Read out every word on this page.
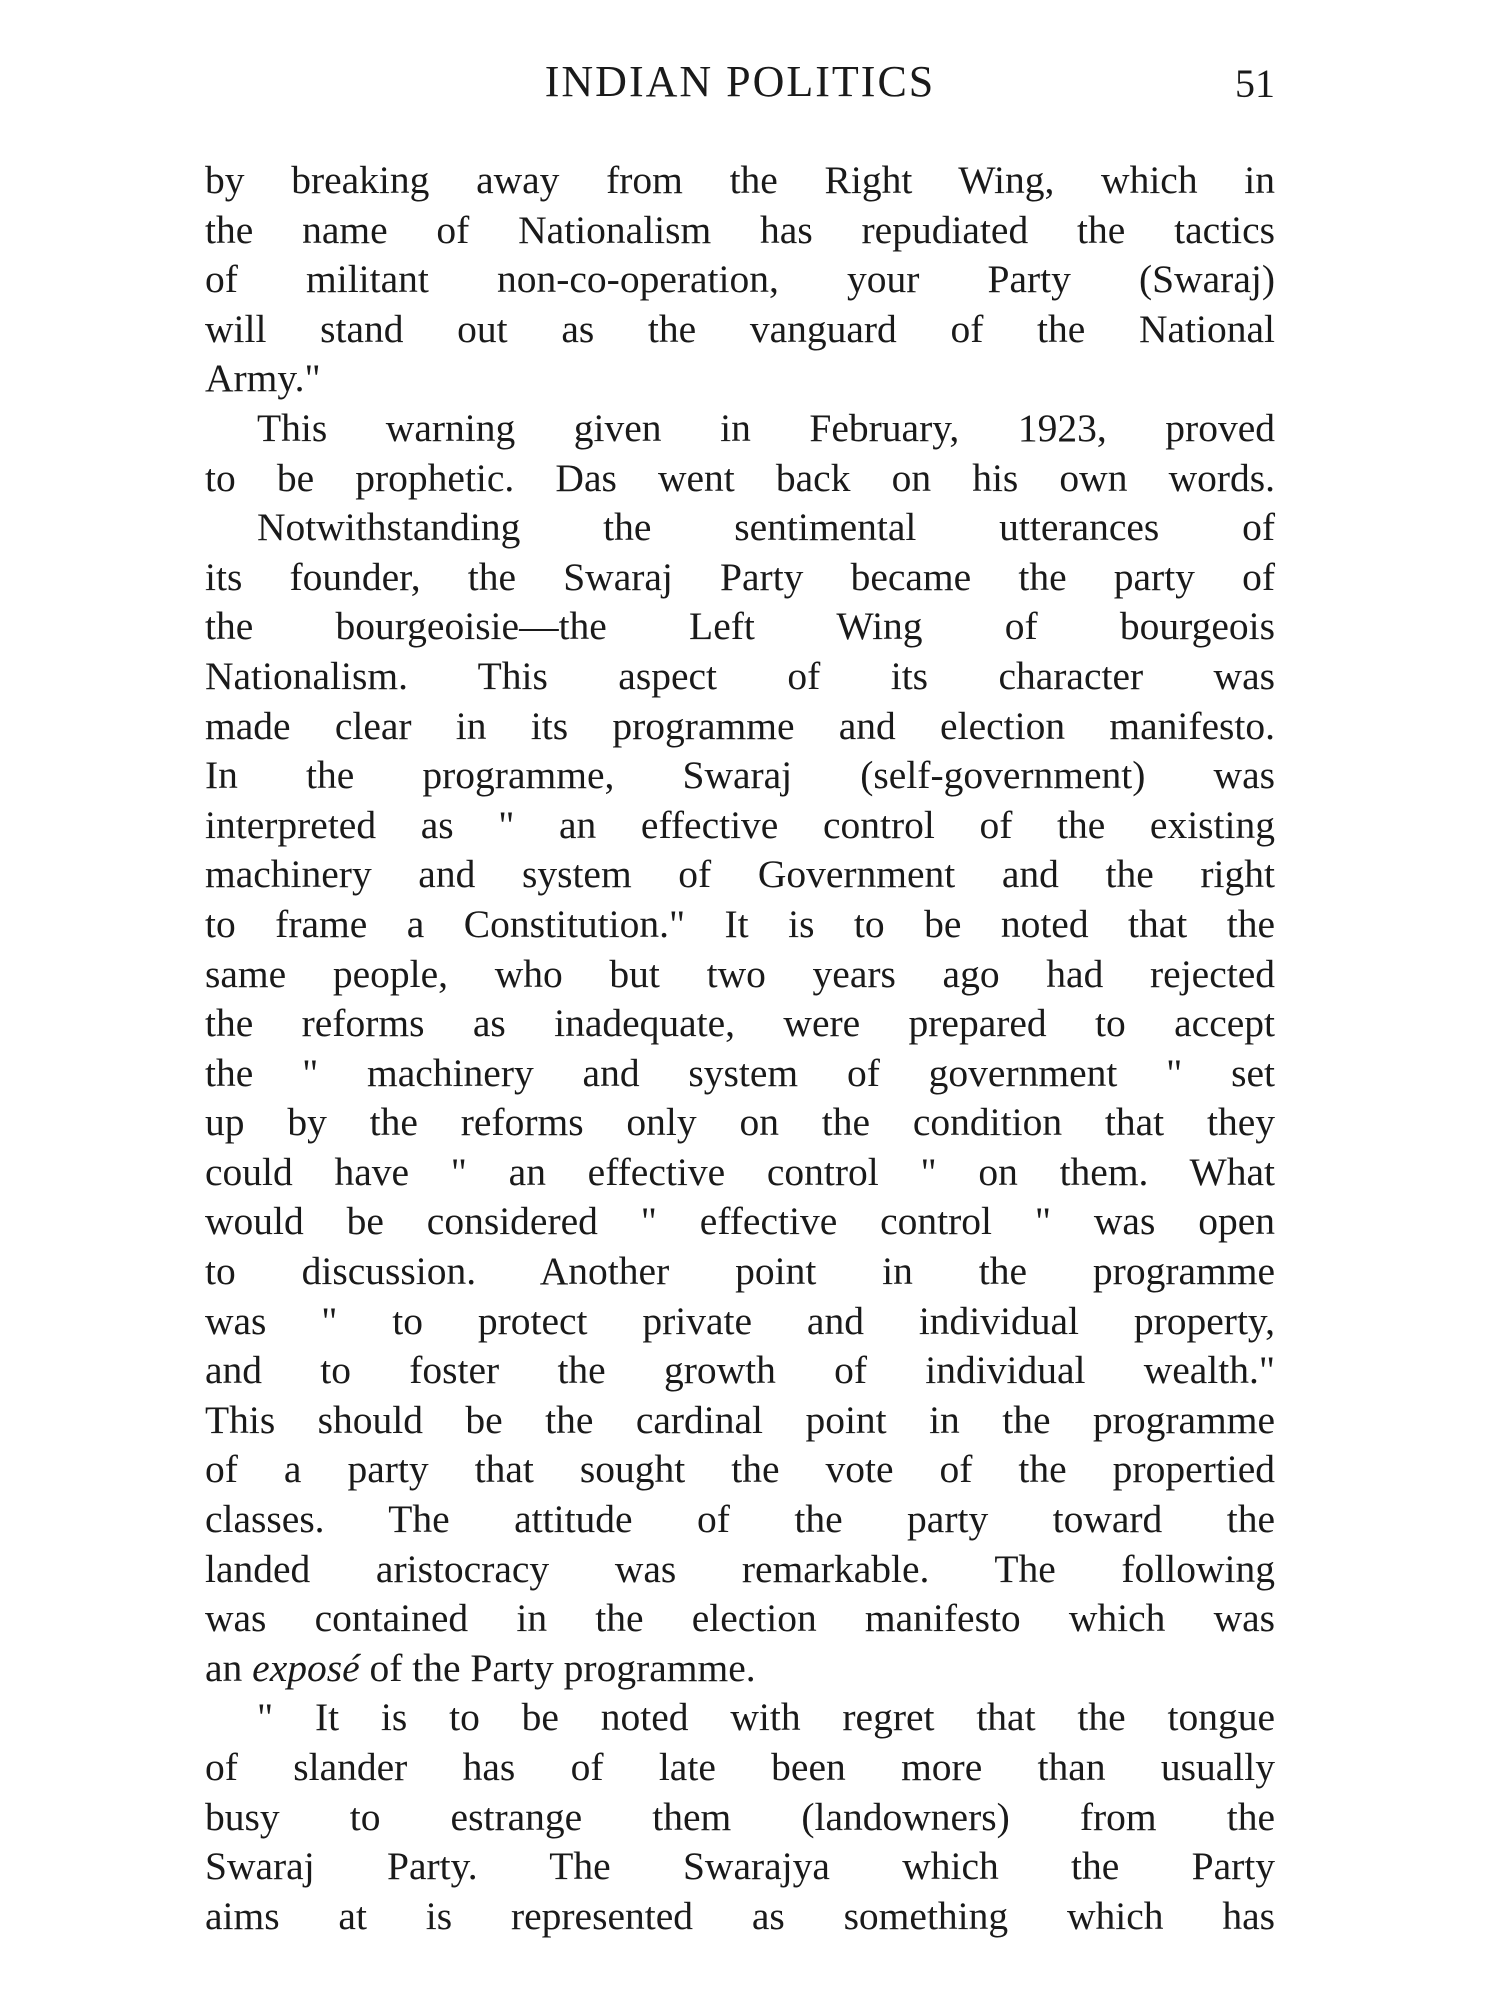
INDIAN POLITICS	51

by breaking away from the Right Wing, which in
the name of Nationalism has repudiated the tactics
of militant non-co-operation, your Party (Swaraj)
will stand out as the vanguard of the National
Army."

This warning given in February, 1923, proved
to be prophetic. Das went back on his own words.

Notwithstanding the sentimental utterances of
its founder, the Swaraj Party became the party of
the bourgeoisie—the Left Wing of bourgeois
Nationalism. This aspect of its character was
made clear in its programme and election manifesto.
In the programme, Swaraj (self-government) was
interpreted as " an effective control of the existing
machinery and system of Government and the right
to frame a Constitution." It is to be noted that the
same people, who but two years ago had rejected
the reforms as inadequate, were prepared to accept
the " machinery and system of government " set
up by the reforms only on the condition that they
could have " an effective control " on them. What
would be considered " effective control " was open
to discussion. Another point in the programme
was " to protect private and individual property,
and to foster the growth of individual wealth."
This should be the cardinal point in the programme
of a party that sought the vote of the propertied
classes. The attitude of the party toward the
landed aristocracy was remarkable. The following
was contained in the election manifesto which was
an exposé of the Party programme.

" It is to be noted with regret that the tongue
of slander has of late been more than usually
busy to estrange them (landowners) from the
Swaraj Party. The Swarajya which the Party
aims at is represented as something which has
